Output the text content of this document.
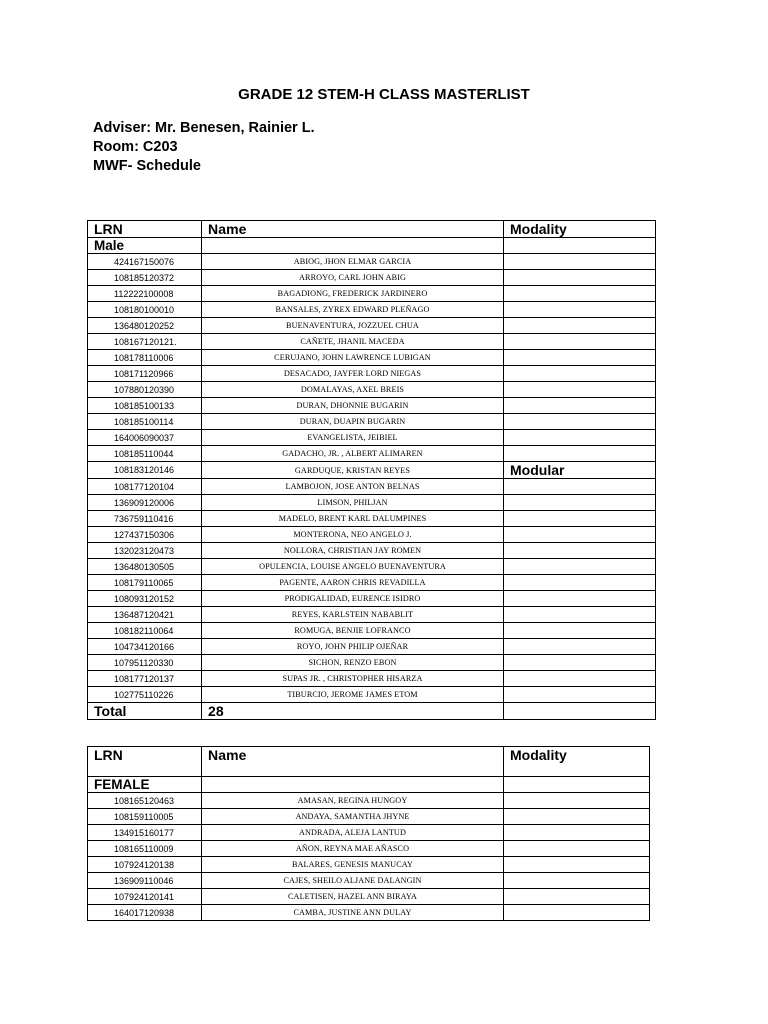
GRADE 12 STEM-H CLASS MASTERLIST
Adviser: Mr. Benesen, Rainier L.
Room: C203
MWF- Schedule
LRN	Name	Modality
Male		
424167150076	ABIOG, JHON ELMAR GARCIA	
108185120372	ARROYO, CARL JOHN ABIG	
112222100008	BAGADIONG, FREDERICK JARDINERO	
108180100010	BANSALES, ZYREX EDWARD PLEÑAGO	
136480120252	BUENAVENTURA, JOZZUEL CHUA	
108167120121.	CAÑETE, JHANIL MACEDA	
108178110006	CERUJANO, JOHN LAWRENCE LUBIGAN	
108171120966	DESACADO, JAYFER LORD NIEGAS	
107880120390	DOMALAYAS, AXEL BREIS	
108185100133	DURAN, DHONNIE BUGARIN	
108185100114	DURAN, DUAPIN BUGARIN	
164006090037	EVANGELISTA, JEIBIEL	
108185110044	GADACHO, JR. , ALBERT ALIMAREN	
108183120146	GARDUQUE, KRISTAN REYES	Modular
108177120104	LAMBOJON, JOSE ANTON BELNAS	
136909120006	LIMSON, PHILJAN	
736759110416	MADELO, BRENT KARL DALUMPINES	
127437150306	MONTERONA, NEO ANGELO J.	
132023120473	NOLLORA, CHRISTIAN JAY ROMEN	
136480130505	OPULENCIA, LOUISE ANGELO BUENAVENTURA	
108179110065	PAGENTE, AARON CHRIS REVADILLA	
108093120152	PRODIGALIDAD, EURENCE ISIDRO	
136487120421	REYES, KARLSTEIN NABABLIT	
108182110064	ROMUGA, BENJIE LOFRANCO	
104734120166	ROYO, JOHN PHILIP OJEÑAR	
107951120330	SICHON, RENZO EBON	
108177120137	SUPAS JR. , CHRISTOPHER HISARZA	
102775110226	TIBURCIO, JEROME JAMES ETOM	
Total	28	
LRN	Name	Modality
FEMALE		
108165120463	AMASAN, REGINA HUNGOY	
108159110005	ANDAYA, SAMANTHA JHYNE	
134915160177	ANDRADA, ALEJA LANTUD	
108165110009	AÑON, REYNA MAE AÑASCO	
107924120138	BALARES, GENESIS MANUCAY	
136909110046	CAJES, SHEILO ALJANE DALANGIN	
107924120141	CALETISEN, HAZEL ANN BIRAYA	
164017120938	CAMBA, JUSTINE ANN DULAY	
